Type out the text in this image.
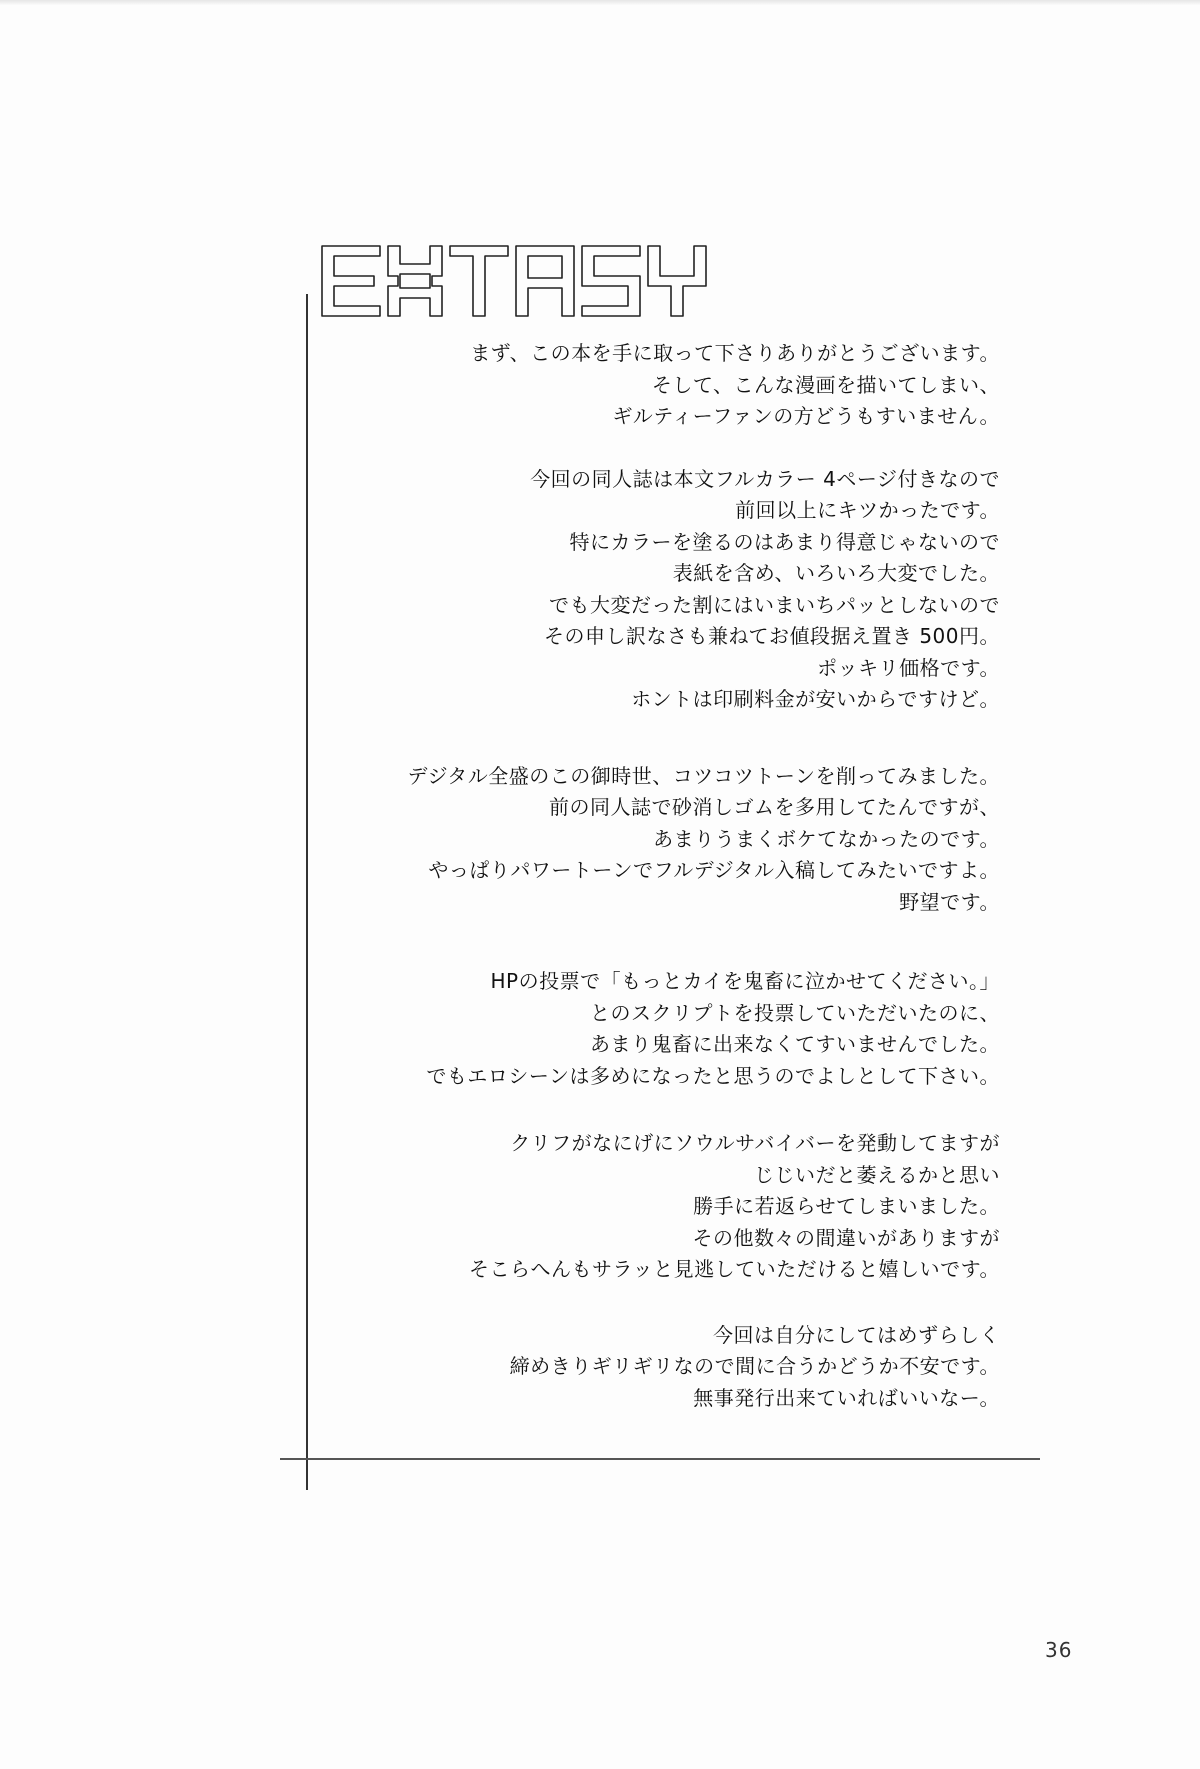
まず、この本を手に取って下さりありがとうございます。
そして、こんな漫画を描いてしまい、
ギルティーファンの方どうもすいません。
今回の同人誌は本文フルカラー 4ページ付きなので
前回以上にキツかったです。
特にカラーを塗るのはあまり得意じゃないので
表紙を含め、いろいろ大変でした。
でも大変だった割にはいまいちパッとしないので
その申し訳なさも兼ねてお値段据え置き 500円。
ポッキリ価格です。
ホントは印刷料金が安いからですけど。
デジタル全盛のこの御時世、コツコツトーンを削ってみました。
前の同人誌で砂消しゴムを多用してたんですが、
あまりうまくボケてなかったのです。
やっぱりパワートーンでフルデジタル入稿してみたいですよ。
野望です。
HPの投票で「もっとカイを鬼畜に泣かせてください。」
とのスクリプトを投票していただいたのに、
あまり鬼畜に出来なくてすいませんでした。
でもエロシーンは多めになったと思うのでよしとして下さい。
クリフがなにげにソウルサバイバーを発動してますが
じじいだと萎えるかと思い
勝手に若返らせてしまいました。
その他数々の間違いがありますが
そこらへんもサラッと見逃していただけると嬉しいです。
今回は自分にしてはめずらしく
締めきりギリギリなので間に合うかどうか不安です。
無事発行出来ていればいいなー。
36
